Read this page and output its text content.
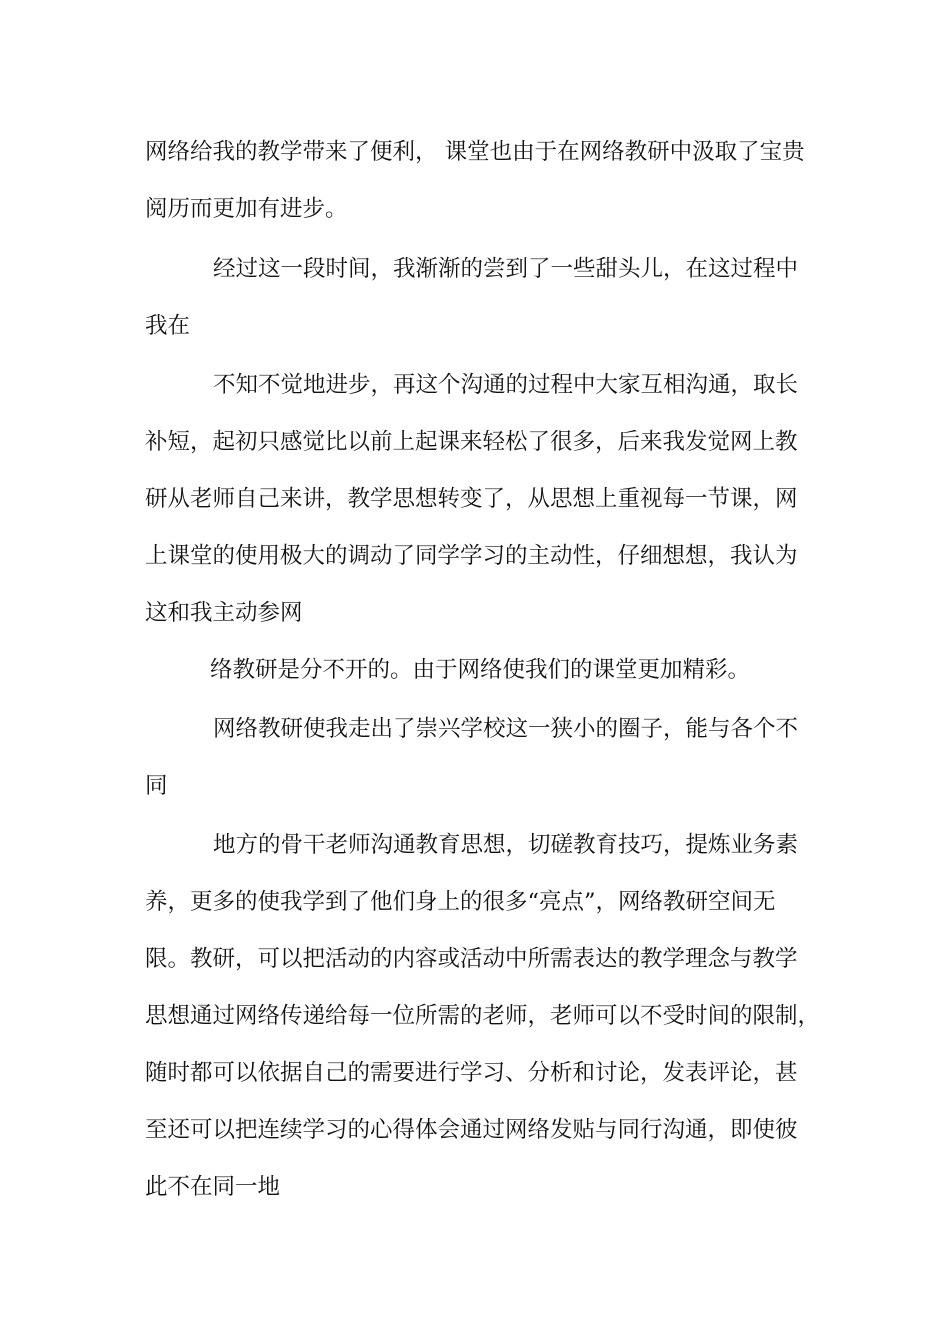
网络给我的教学带来了便利， 课堂也由于在网络教研中汲取了宝贵
阅历而更加有进步。
经过这一段时间，我渐渐的尝到了一些甜头儿，在这过程中
我在
不知不觉地进步，再这个沟通的过程中大家互相沟通，取长
补短，起初只感觉比以前上起课来轻松了很多，后来我发觉网上教
研从老师自己来讲，教学思想转变了，从思想上重视每一节课，网
上课堂的使用极大的调动了同学学习的主动性，仔细想想，我认为
这和我主动参网
络教研是分不开的。由于网络使我们的课堂更加精彩。
网络教研使我走出了崇兴学校这一狭小的圈子，能与各个不
同
地方的骨干老师沟通教育思想，切磋教育技巧，提炼业务素
养，更多的使我学到了他们身上的很多“亮点”，网络教研空间无
限。教研，可以把活动的内容或活动中所需表达的教学理念与教学
思想通过网络传递给每一位所需的老师，老师可以不受时间的限制，
随时都可以依据自己的需要进行学习、分析和讨论，发表评论，甚
至还可以把连续学习的心得体会通过网络发贴与同行沟通，即使彼
此不在同一地
